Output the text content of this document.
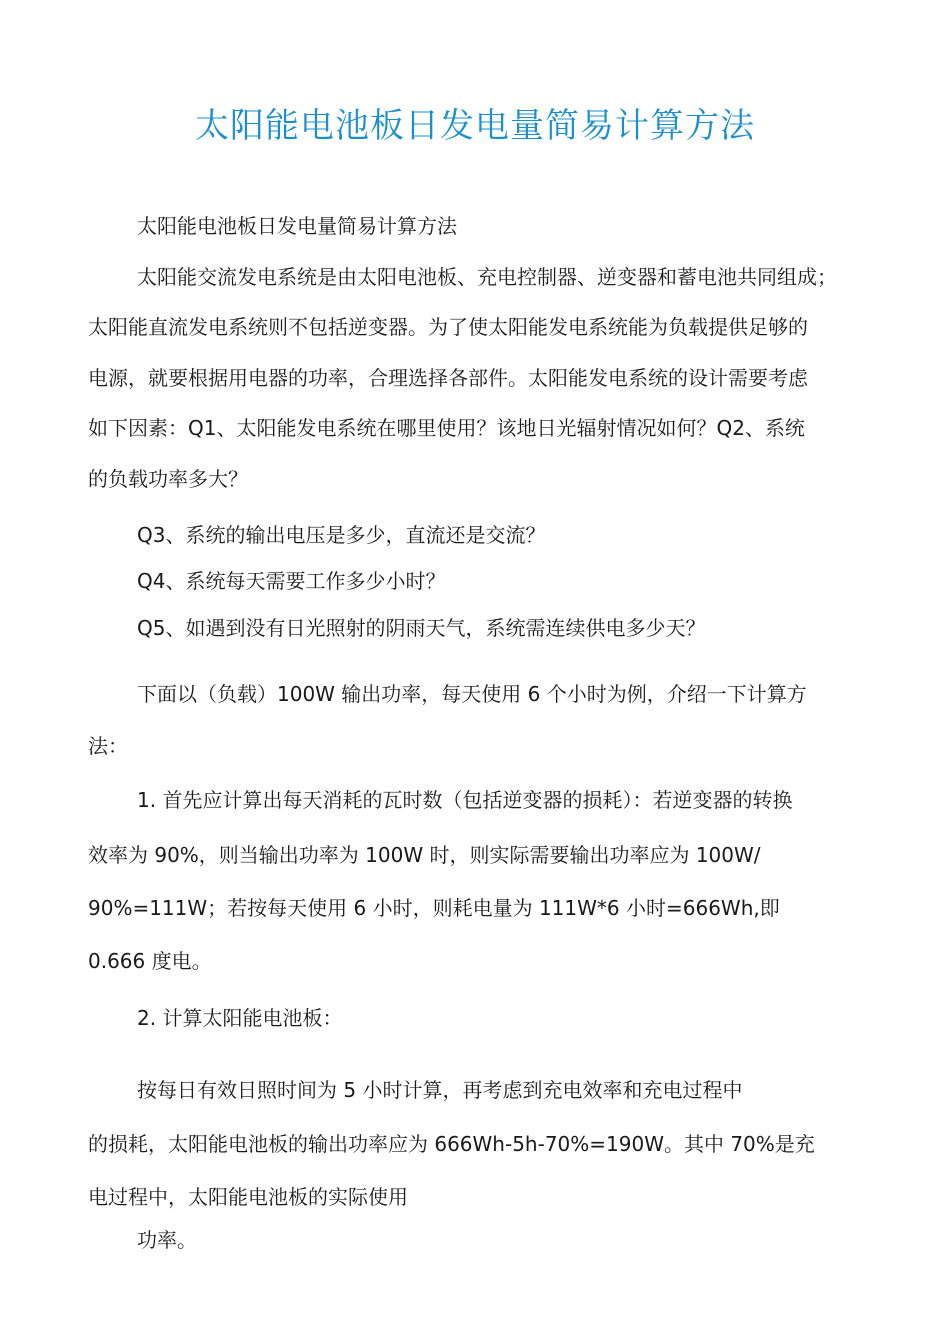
太阳能电池板日发电量简易计算方法
太阳能电池板日发电量简易计算方法
太阳能交流发电系统是由太阳电池板、充电控制器、逆变器和蓄电池共同组成；
太阳能直流发电系统则不包括逆变器。为了使太阳能发电系统能为负载提供足够的
电源，就要根据用电器的功率，合理选择各部件。太阳能发电系统的设计需要考虑
如下因素：Q1、太阳能发电系统在哪里使用？该地日光辐射情况如何？Q2、系统
的负载功率多大？
Q3、系统的输出电压是多少，直流还是交流？
Q4、系统每天需要工作多少小时？
Q5、如遇到没有日光照射的阴雨天气，系统需连续供电多少天？
下面以（负载）100W 输出功率，每天使用 6 个小时为例，介绍一下计算方
法：
1. 首先应计算出每天消耗的瓦时数（包括逆变器的损耗）：若逆变器的转换
效率为 90%，则当输出功率为 100W 时，则实际需要输出功率应为 100W/
90%=111W；若按每天使用 6 小时，则耗电量为 111W*6 小时=666Wh,即
0.666 度电。
2. 计算太阳能电池板：
按每日有效日照时间为 5 小时计算，再考虑到充电效率和充电过程中
的损耗，太阳能电池板的输出功率应为 666Wh-5h-70%=190W。其中 70%是充
电过程中，太阳能电池板的实际使用
功率。
